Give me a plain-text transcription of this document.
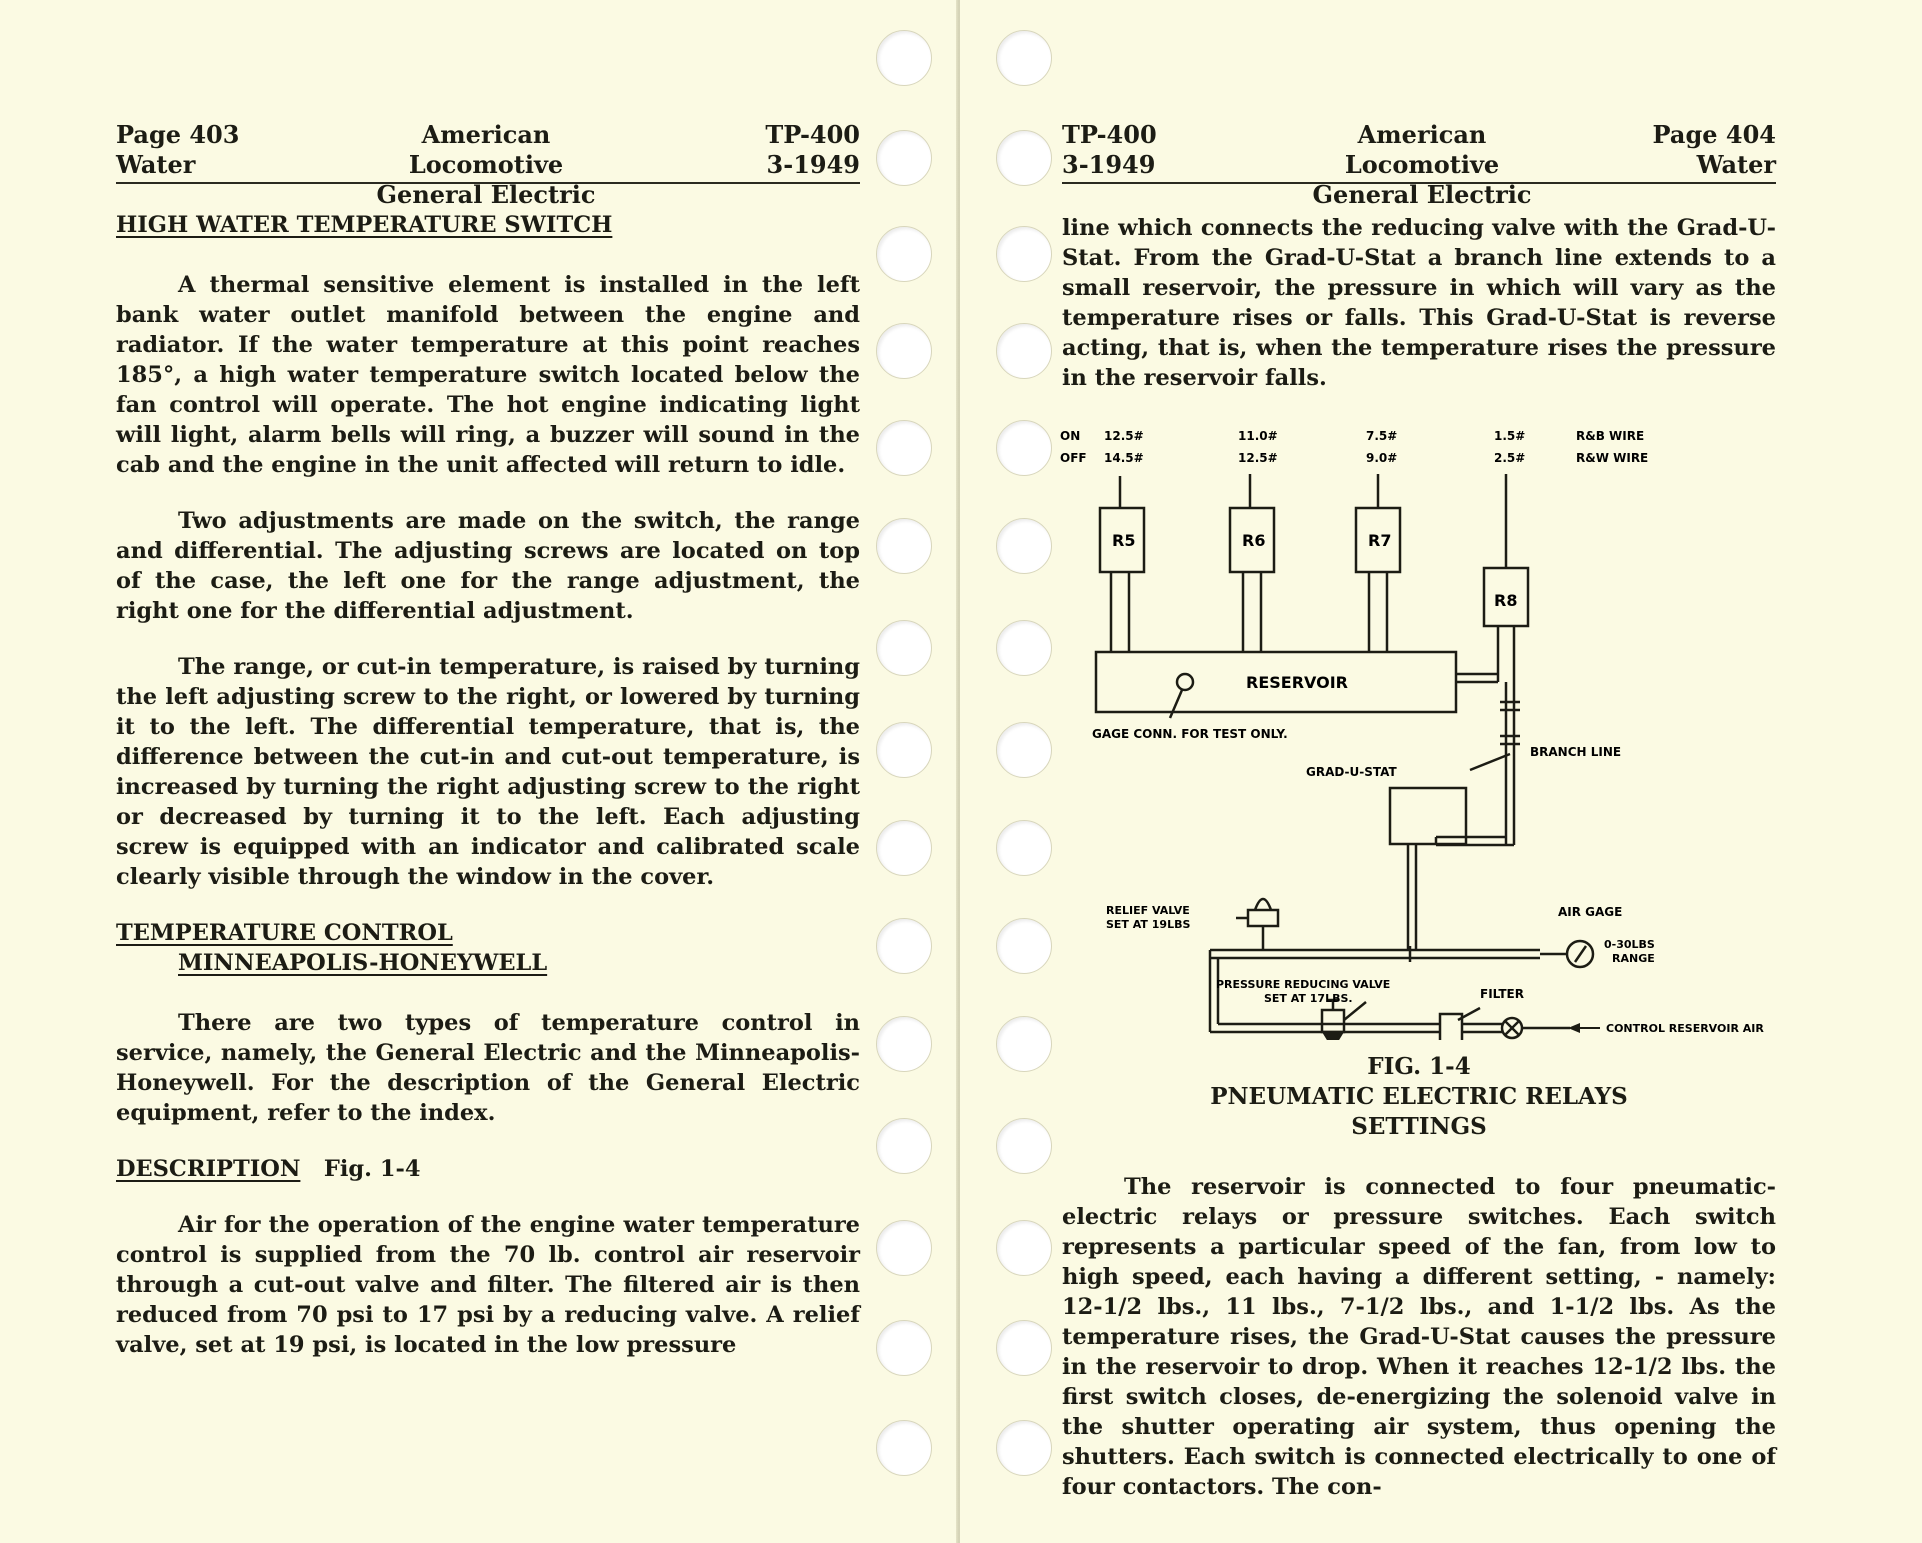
Page 403
Water
American Locomotive
General Electric
TP-400
3-1949
HIGH WATER TEMPERATURE SWITCH

A thermal sensitive element is installed in the left bank water outlet manifold between the engine and radiator. If the water temperature at this point reaches 185°, a high water temperature switch located below the fan control will operate. The hot engine indicating light will light, alarm bells will ring, a buzzer will sound in the cab and the engine in the unit affected will return to idle.

Two adjustments are made on the switch, the range and differential. The adjusting screws are located on top of the case, the left one for the range adjustment, the right one for the differential adjustment.

The range, or cut-in temperature, is raised by turning the left adjusting screw to the right, or lowered by turning it to the left. The differential temperature, that is, the difference between the cut-in and cut-out temperature, is increased by turning the right adjusting screw to the right or decreased by turning it to the left. Each adjusting screw is equipped with an indicator and calibrated scale clearly visible through the window in the cover.

TEMPERATURE CONTROL
MINNEAPOLIS-HONEYWELL

There are two types of temperature control in service, namely, the General Electric and the Minneapolis-Honeywell. For the description of the General Electric equipment, refer to the index.

DESCRIPTION Fig. 1-4

Air for the operation of the engine water temperature control is supplied from the 70 lb. control air reservoir through a cut-out valve and filter. The filtered air is then reduced from 70 psi to 17 psi by a reducing valve. A relief valve, set at 19 psi, is located in the low pressure

TP-400
3-1949
American Locomotive
General Electric
Page 404
Water

line which connects the reducing valve with the Grad-U-Stat. From the Grad-U-Stat a branch line extends to a small reservoir, the pressure in which will vary as the temperature rises or falls. This Grad-U-Stat is reverse acting, that is, when the temperature rises the pressure in the reservoir falls.

ON
OFF
12.5#
14.5#
11.0#
12.5#
7.5#
9.0#
1.5#
2.5#
R&B WIRE
R&W WIRE
R5	R6	R7
R8
RESERVOIR
GAGE CONN. FOR TEST ONLY.
BRANCH LINE
GRAD-U-STAT
RELIEF VALVE
SET AT 19LBS
AIR GAGE
0-30LBS
RANGE
PRESSURE REDUCING VALVE
SET AT 17LBS.	FILTER
CONTROL RESERVOIR AIR
FIG. 1-4
PNEUMATIC ELECTRIC RELAYS
SETTINGS

The reservoir is connected to four pneumatic-electric relays or pressure switches. Each switch represents a particular speed of the fan, from low to high speed, each having a different setting, - namely: 12-1/2 lbs., 11 lbs., 7-1/2 lbs., and 1-1/2 lbs. As the temperature rises, the Grad-U-Stat causes the pressure in the reservoir to drop. When it reaches 12-1/2 lbs. the first switch closes, de-energizing the solenoid valve in the shutter operating air system, thus opening the shutters. Each switch is connected electrically to one of four contactors. The con-
